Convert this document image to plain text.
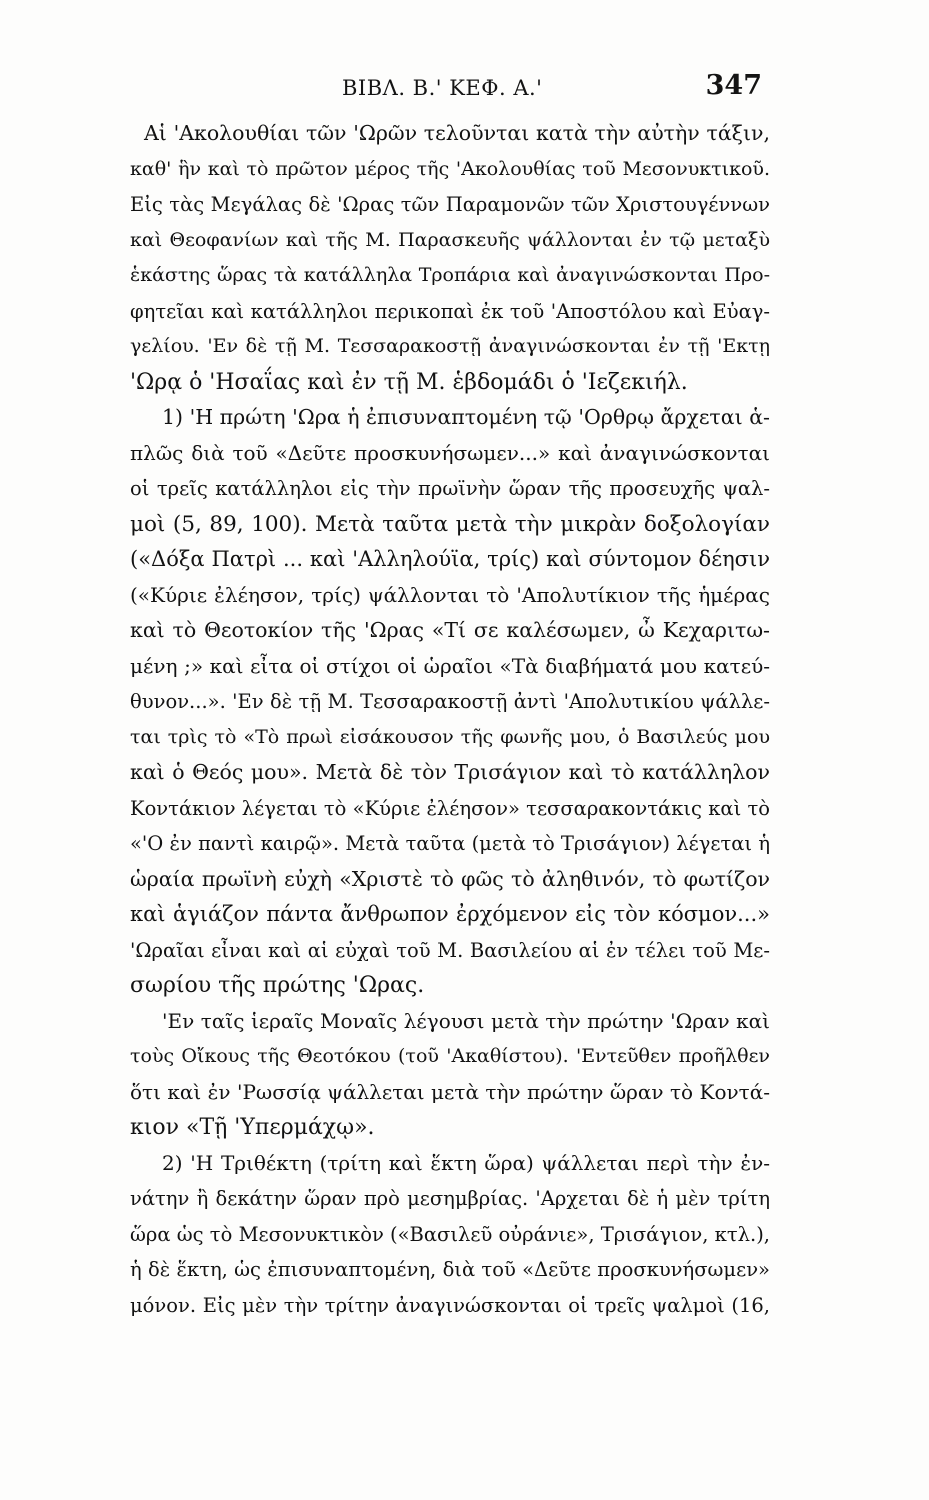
ΒΙΒΛ. Β.' ΚΕΦ. Α.'	347
Αἱ 'Ακολουθίαι τῶν 'Ωρῶν τελοῦνται κατὰ τὴν αὐτὴν τάξιν,
καθ' ἣν καὶ τὸ πρῶτον μέρος τῆς 'Ακολουθίας τοῦ Μεσονυκτικοῦ.
Εἰς τὰς Μεγάλας δὲ 'Ωρας τῶν Παραμονῶν τῶν Χριστουγέννων
καὶ Θεοφανίων καὶ τῆς Μ. Παρασκευῆς ψάλλονται ἐν τῷ μεταξὺ
ἑκάστης ὥρας τὰ κατάλληλα Τροπάρια καὶ ἀναγινώσκονται Προ-
φητεῖαι καὶ κατάλληλοι περικοπαὶ ἐκ τοῦ 'Αποστόλου καὶ Εὐαγ-
γελίου. 'Εν δὲ τῇ Μ. Τεσσαρακοστῇ ἀναγινώσκονται ἐν τῇ 'Εκτῃ
'Ωρᾳ ὁ 'Ησαΐας καὶ ἐν τῇ Μ. ἑβδομάδι ὁ 'Ιεζεκιήλ.
1) 'Η πρώτη 'Ωρα ἡ ἐπισυναπτομένη τῷ 'Ορθρῳ ἄρχεται ἁ-
πλῶς διὰ τοῦ «Δεῦτε προσκυνήσωμεν...» καὶ ἀναγινώσκονται
οἱ τρεῖς κατάλληλοι εἰς τὴν πρωϊνὴν ὥραν τῆς προσευχῆς ψαλ-
μοὶ (5, 89, 100). Μετὰ ταῦτα μετὰ τὴν μικρὰν δοξολογίαν
(«Δόξα Πατρὶ ... καὶ 'Αλληλούϊα, τρίς) καὶ σύντομον δέησιν
(«Κύριε ἐλέησον, τρίς) ψάλλονται τὸ 'Απολυτίκιον τῆς ἡμέρας
καὶ τὸ Θεοτοκίον τῆς 'Ωρας «Τί σε καλέσωμεν, ὦ Κεχαριτω-
μένη ;» καὶ εἶτα οἱ στίχοι οἱ ὡραῖοι «Τὰ διαβήματά μου κατεύ-
θυνον...». 'Εν δὲ τῇ Μ. Τεσσαρακοστῇ ἀντὶ 'Απολυτικίου ψάλλε-
ται τρὶς τὸ «Τὸ πρωὶ εἰσάκουσον τῆς φωνῆς μου, ὁ Βασιλεύς μου
καὶ ὁ Θεός μου». Μετὰ δὲ τὸν Τρισάγιον καὶ τὸ κατάλληλον
Κοντάκιον λέγεται τὸ «Κύριε ἐλέησον» τεσσαρακοντάκις καὶ τὸ
«'Ο ἐν παντὶ καιρῷ». Μετὰ ταῦτα (μετὰ τὸ Τρισάγιον) λέγεται ἡ
ὡραία πρωϊνὴ εὐχὴ «Χριστὲ τὸ φῶς τὸ ἀληθινόν, τὸ φωτίζον
καὶ ἁγιάζον πάντα ἄνθρωπον ἐρχόμενον εἰς τὸν κόσμον...»
'Ωραῖαι εἶναι καὶ αἱ εὐχαὶ τοῦ Μ. Βασιλείου αἱ ἐν τέλει τοῦ Με-
σωρίου τῆς πρώτης 'Ωρας.
'Εν ταῖς ἱεραῖς Μοναῖς λέγουσι μετὰ τὴν πρώτην 'Ωραν καὶ
τοὺς Οἴκους τῆς Θεοτόκου (τοῦ 'Ακαθίστου). 'Εντεῦθεν προῆλθεν
ὅτι καὶ ἐν 'Ρωσσίᾳ ψάλλεται μετὰ τὴν πρώτην ὥραν τὸ Κοντά-
κιον «Τῇ 'Υπερμάχῳ».
2) 'Η Τριθέκτη (τρίτη καὶ ἕκτη ὥρα) ψάλλεται περὶ τὴν ἐν-
νάτην ἢ δεκάτην ὥραν πρὸ μεσημβρίας. 'Αρχεται δὲ ἡ μὲν τρίτη
ὥρα ὡς τὸ Μεσονυκτικὸν («Βασιλεῦ οὐράνιε», Τρισάγιον, κτλ.),
ἡ δὲ ἕκτη, ὡς ἐπισυναπτομένη, διὰ τοῦ «Δεῦτε προσκυνήσωμεν»
μόνον. Εἰς μὲν τὴν τρίτην ἀναγινώσκονται οἱ τρεῖς ψαλμοὶ (16,
